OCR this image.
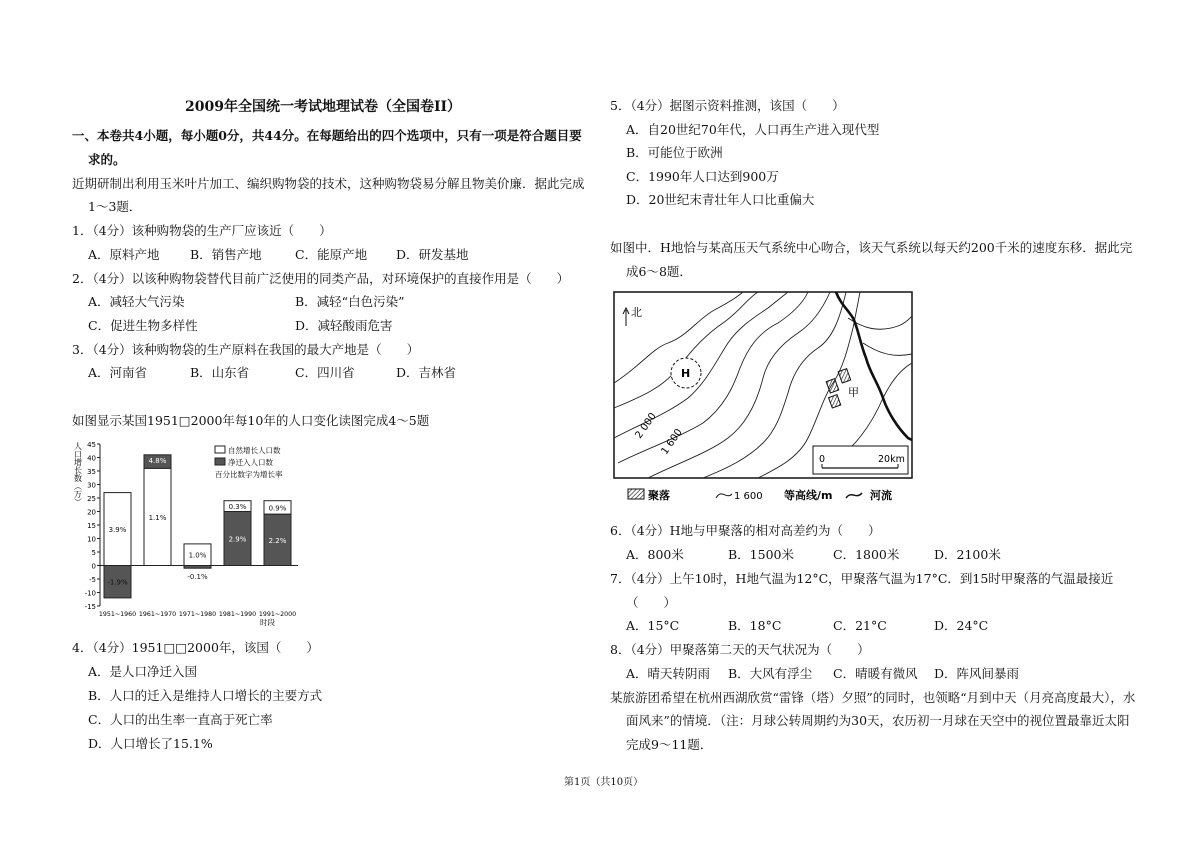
2009年全国统一考试地理试卷（全国卷II）
一、本卷共4小题，每小题0分，共44分。在每题给出的四个选项中，只有一项是符合题目要
求的。
近期研制出利用玉米叶片加工、编织购物袋的技术，这种购物袋易分解且物美价廉．据此完成
1～3题．
1．（4分）该种购物袋的生产厂应该近（　　）
A．原料产地 B．销售产地	C．能原产地 D．研发基地
2．（4分）以该种购物袋替代目前广泛使用的同类产品，对环境保护的直接作用是（　　）
A．减轻大气污染	B．减轻“白色污染”
C．促进生物多样性	D．减轻酸雨危害
3．（4分）该种购物袋的生产原料在我国的最大产地是（　　）
A．河南省	B．山东省	C．四川省	D．吉林省
如图显示某国1951□2000年每10年的人口变化读图完成4～5题
45
40
35
30
25
20
15
10
5
0
-5
-10
-15
3.9%
-1.9%
4.8%
1.1%
1.0%
-0.1%
2.9%
0.3%
2.2%
0.9%
1951~1960 1961~1970 1971~1980 1981~1990 1991~2000
人口增长数（万）	自然增长人口数
净迁入人口数
百分比数字为增长率
时段
4．（4分）1951□□2000年，该国（　　）
A．是人口净迁入国
B．人口的迁入是维持人口增长的主要方式
C．人口的出生率一直高于死亡率
D．人口增长了15.1%
5．（4分）据图示资料推测，该国（　　）
A．自20世纪70年代，人口再生产进入现代型
B．可能位于欧洲
C．1990年人口达到900万
D．20世纪末青壮年人口比重偏大
如图中．H地恰与某高压天气系统中心吻合，该天气系统以每天约200千米的速度东移．据此完
成6～8题．
北
H
甲
2 000
1 600
0	20km
聚落	1 600 等高线/m	河流
6．（4分）H地与甲聚落的相对高差约为（　　）
A．800米	B．1500米	C．1800米	D．2100米
7．（4分）上午10时，H地气温为12°C，甲聚落气温为17°C．到15时甲聚落的气温最接近
（　　）
A．15°C	B．18°C	C．21°C	D．24°C
8．（4分）甲聚落第二天的天气状况为（　　）
A．晴天转阴雨 B．大风有浮尘 C．晴暖有微风 D．阵风间暴雨
某旅游团希望在杭州西湖欣赏“雷锋（塔）夕照”的同时，也领略“月到中天（月亮高度最大），水
面风来”的情境．（注：月球公转周期约为30天，农历初一月球在天空中的视位置最靠近太阳
完成9～11题．
第1页（共10页）
